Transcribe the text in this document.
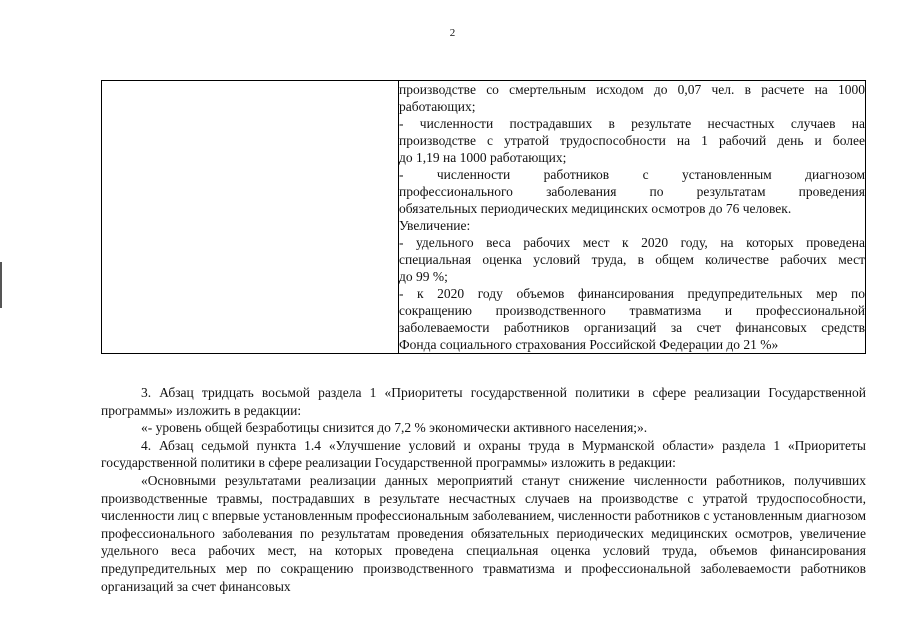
2

производстве со смертельным исходом до 0,07 чел. в расчете на 1000

работающих;

- численности пострадавших в результате несчастных случаев на

производстве с утратой трудоспособности на 1 рабочий день и более

до 1,19 на 1000 работающих;

- численности работников с установленным диагнозом

профессионального заболевания по результатам проведения

обязательных периодических медицинских осмотров до 76 человек.

Увеличение:

- удельного веса рабочих мест к 2020 году, на которых проведена

специальная оценка условий труда, в общем количестве рабочих мест

до 99 %;

- к 2020 году объемов финансирования предупредительных мер по

сокращению производственного травматизма и профессиональной

заболеваемости работников организаций за счет финансовых средств

Фонда социального страхования Российской Федерации до 21 %»

3. Абзац тридцать восьмой раздела 1 «Приоритеты государственной политики в сфере реализации Государственной программы» изложить в редакции:

«- уровень общей безработицы снизится до 7,2 % экономически активного населения;».

4. Абзац седьмой пункта 1.4 «Улучшение условий и охраны труда в Мурманской области» раздела 1 «Приоритеты государственной политики в сфере реализации Государственной программы» изложить в редакции:

«Основными результатами реализации данных мероприятий станут снижение численности работников, получивших производственные травмы, пострадавших в результате несчастных случаев на производстве с утратой трудоспособности, численности лиц с впервые установленным профессиональным заболеванием, численности работников с установленным диагнозом профессионального заболевания по результатам проведения обязательных периодических медицинских осмотров, увеличение удельного веса рабочих мест, на которых проведена специальная оценка условий труда, объемов финансирования предупредительных мер по сокращению производственного травматизма и профессиональной заболеваемости работников организаций за счет финансовых
